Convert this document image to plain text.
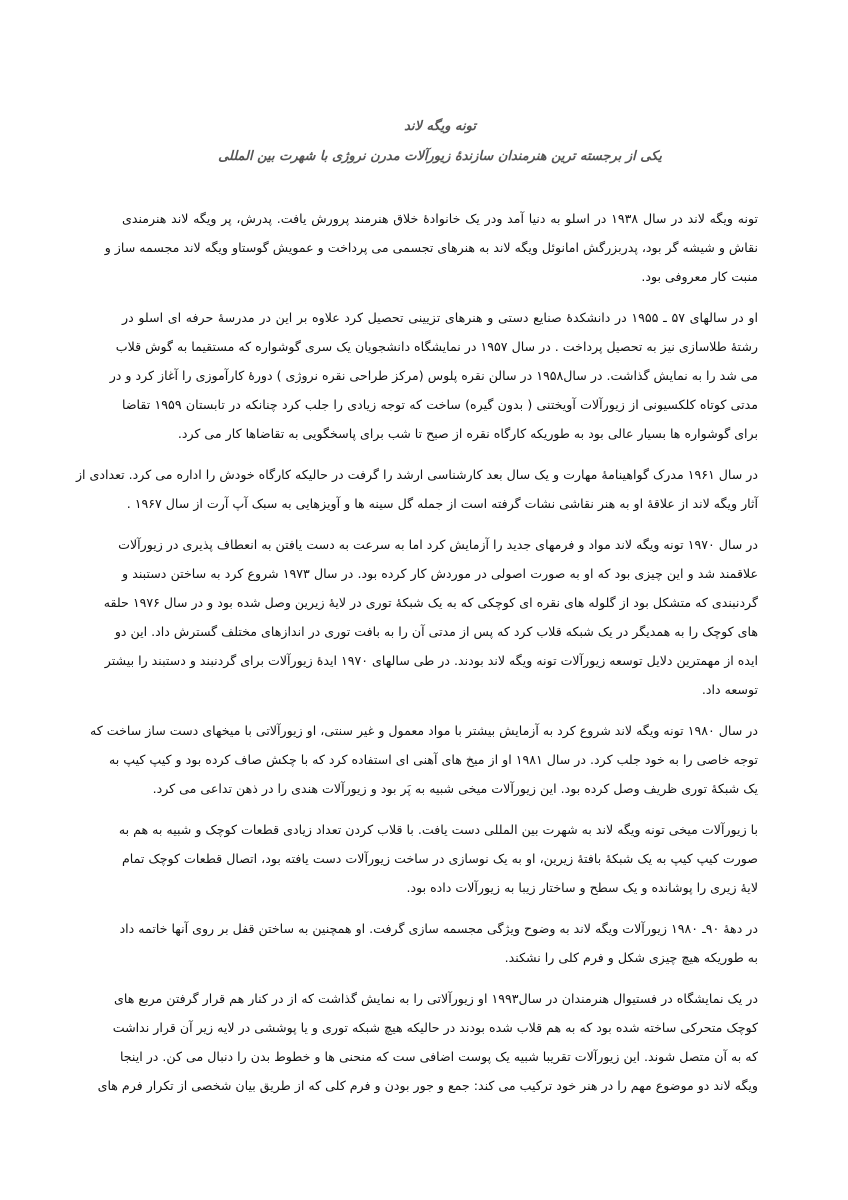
تونه ویگه لاند
یکی از برجسته ترین هنرمندان سازندهٔ زیورآلات مدرن نروژی با شهرت بین المللی
تونه ویگه لاند در سال ۱۹۳۸ در اسلو به دنیا آمد ودر یک خانوادهٔ خلاق هنرمند پرورش یافت. پدرش، پر ویگه لاند هنرمندی
نقاش و شیشه گر بود، پدربزرگش امانوئل ویگه لاند به هنرهای تجسمی می پرداخت و عمویش گوستاو ویگه لاند مجسمه ساز و
منبت کار معروفی بود.
او در سالهای ۵۷ ـ ۱۹۵۵ در دانشکدهٔ صنایع دستی و هنرهای تزیینی تحصیل کرد علاوه بر این در مدرسهٔ حرفه ای اسلو در
رشتهٔ طلاسازی نیز به تحصیل پرداخت . در سال ۱۹۵۷ در نمایشگاه دانشجویان یک سری گوشواره که مستقیما به گوش قلاب
می شد را به نمایش گذاشت. در سال۱۹۵۸ در سالن نقره پلوس (مرکز طراحی نقره نروژی ) دورهٔ کارآموزی را آغاز کرد و در
مدتی کوتاه کلکسیونی از زیورآلات آویختنی ( بدون گیره) ساخت که توجه زیادی را جلب کرد چنانکه در تابستان ۱۹۵۹ تقاضا
برای گوشواره ها بسیار عالی بود به طوریکه کارگاه نقره از صبح تا شب برای پاسخگویی به تقاضاها کار می کرد.
در سال ۱۹۶۱ مدرک گواهینامهٔ مهارت و یک سال بعد کارشناسی ارشد را گرفت در حالیکه کارگاه خودش را اداره می کرد. تعدادی از
آثار ویگه لاند از علاقهٔ او به هنر نقاشی نشات گرفته است از جمله گل سینه ها و آویزهایی به سبک آپ آرت از سال ۱۹۶۷ .
در سال ۱۹۷۰ تونه ویگه لاند مواد و فرمهای جدید را آزمایش کرد اما به سرعت به دست یافتن به انعطاف پذیری در زیورآلات
علاقمند شد و این چیزی بود که او به صورت اصولی در موردش کار کرده بود. در سال ۱۹۷۳ شروع کرد به ساختن دستبند و
گردنبندی که متشکل بود از گلوله های نقره ای کوچکی که به یک شبکهٔ توری در لایهٔ زیرین وصل شده بود و در سال ۱۹۷۶ حلقه
های کوچک را به همدیگر در یک شبکه قلاب کرد که پس از مدتی آن را به بافت توری در اندازهای مختلف گسترش داد. این دو
ایده از مهمترین دلایل توسعه زیورآلات تونه ویگه لاند بودند. در طی سالهای ۱۹۷۰ ایدهٔ زیورآلات برای گردنبند و دستبند را بیشتر
توسعه داد.
در سال ۱۹۸۰ تونه ویگه لاند شروع کرد به آزمایش بیشتر با مواد معمول و غیر سنتی، او زیورآلاتی با میخهای دست ساز ساخت که
توجه خاصی را به خود جلب کرد. در سال ۱۹۸۱ او از میخ های آهنی ای استفاده کرد که با چکش صاف کرده بود و کیپ کیپ به
یک شبکهٔ توری ظریف وصل کرده بود. این زیورآلات میخی شبیه به پَر بود و زیورآلات هندی را در ذهن تداعی می کرد.
با زیورآلات میخی تونه ویگه لاند به شهرت بین المللی دست یافت. با قلاب کردن تعداد زیادی قطعات کوچک و شبیه به هم به
صورت کیپ کیپ به یک شبکهٔ بافتهٔ زیرین، او به یک نوسازی در ساخت زیورآلات دست یافته بود، اتصال قطعات کوچک تمام
لایهٔ زیری را پوشانده و یک سطح و ساختار زیبا به زیورآلات داده بود.
در دههٔ ۹۰ـ ۱۹۸۰ زیورآلات ویگه لاند به وضوح ویژگی مجسمه سازی گرفت. او همچنین به ساختن قفل بر روی آنها خاتمه داد
به طوریکه هیچ چیزی شکل و فرم کلی را نشکند.
در یک نمایشگاه در فستیوال هنرمندان در سال۱۹۹۳ او زیورآلاتی را به نمایش گذاشت که از در کنار هم قرار گرفتن مربع های
کوچک متحرکی ساخته شده بود که به هم قلاب شده بودند در حالیکه هیچ شبکه توری و یا پوششی در لایه زیر آن قرار نداشت
که به آن متصل شوند. این زیورآلات تقریبا شبیه یک پوست اضافی ست که منحنی ها و خطوط بدن را دنبال می کن. در اینجا
ویگه لاند دو موضوع مهم را در هنر خود ترکیب می کند: جمع و جور بودن و فرم کلی که از طریق بیان شخصی از تکرار فرم های
